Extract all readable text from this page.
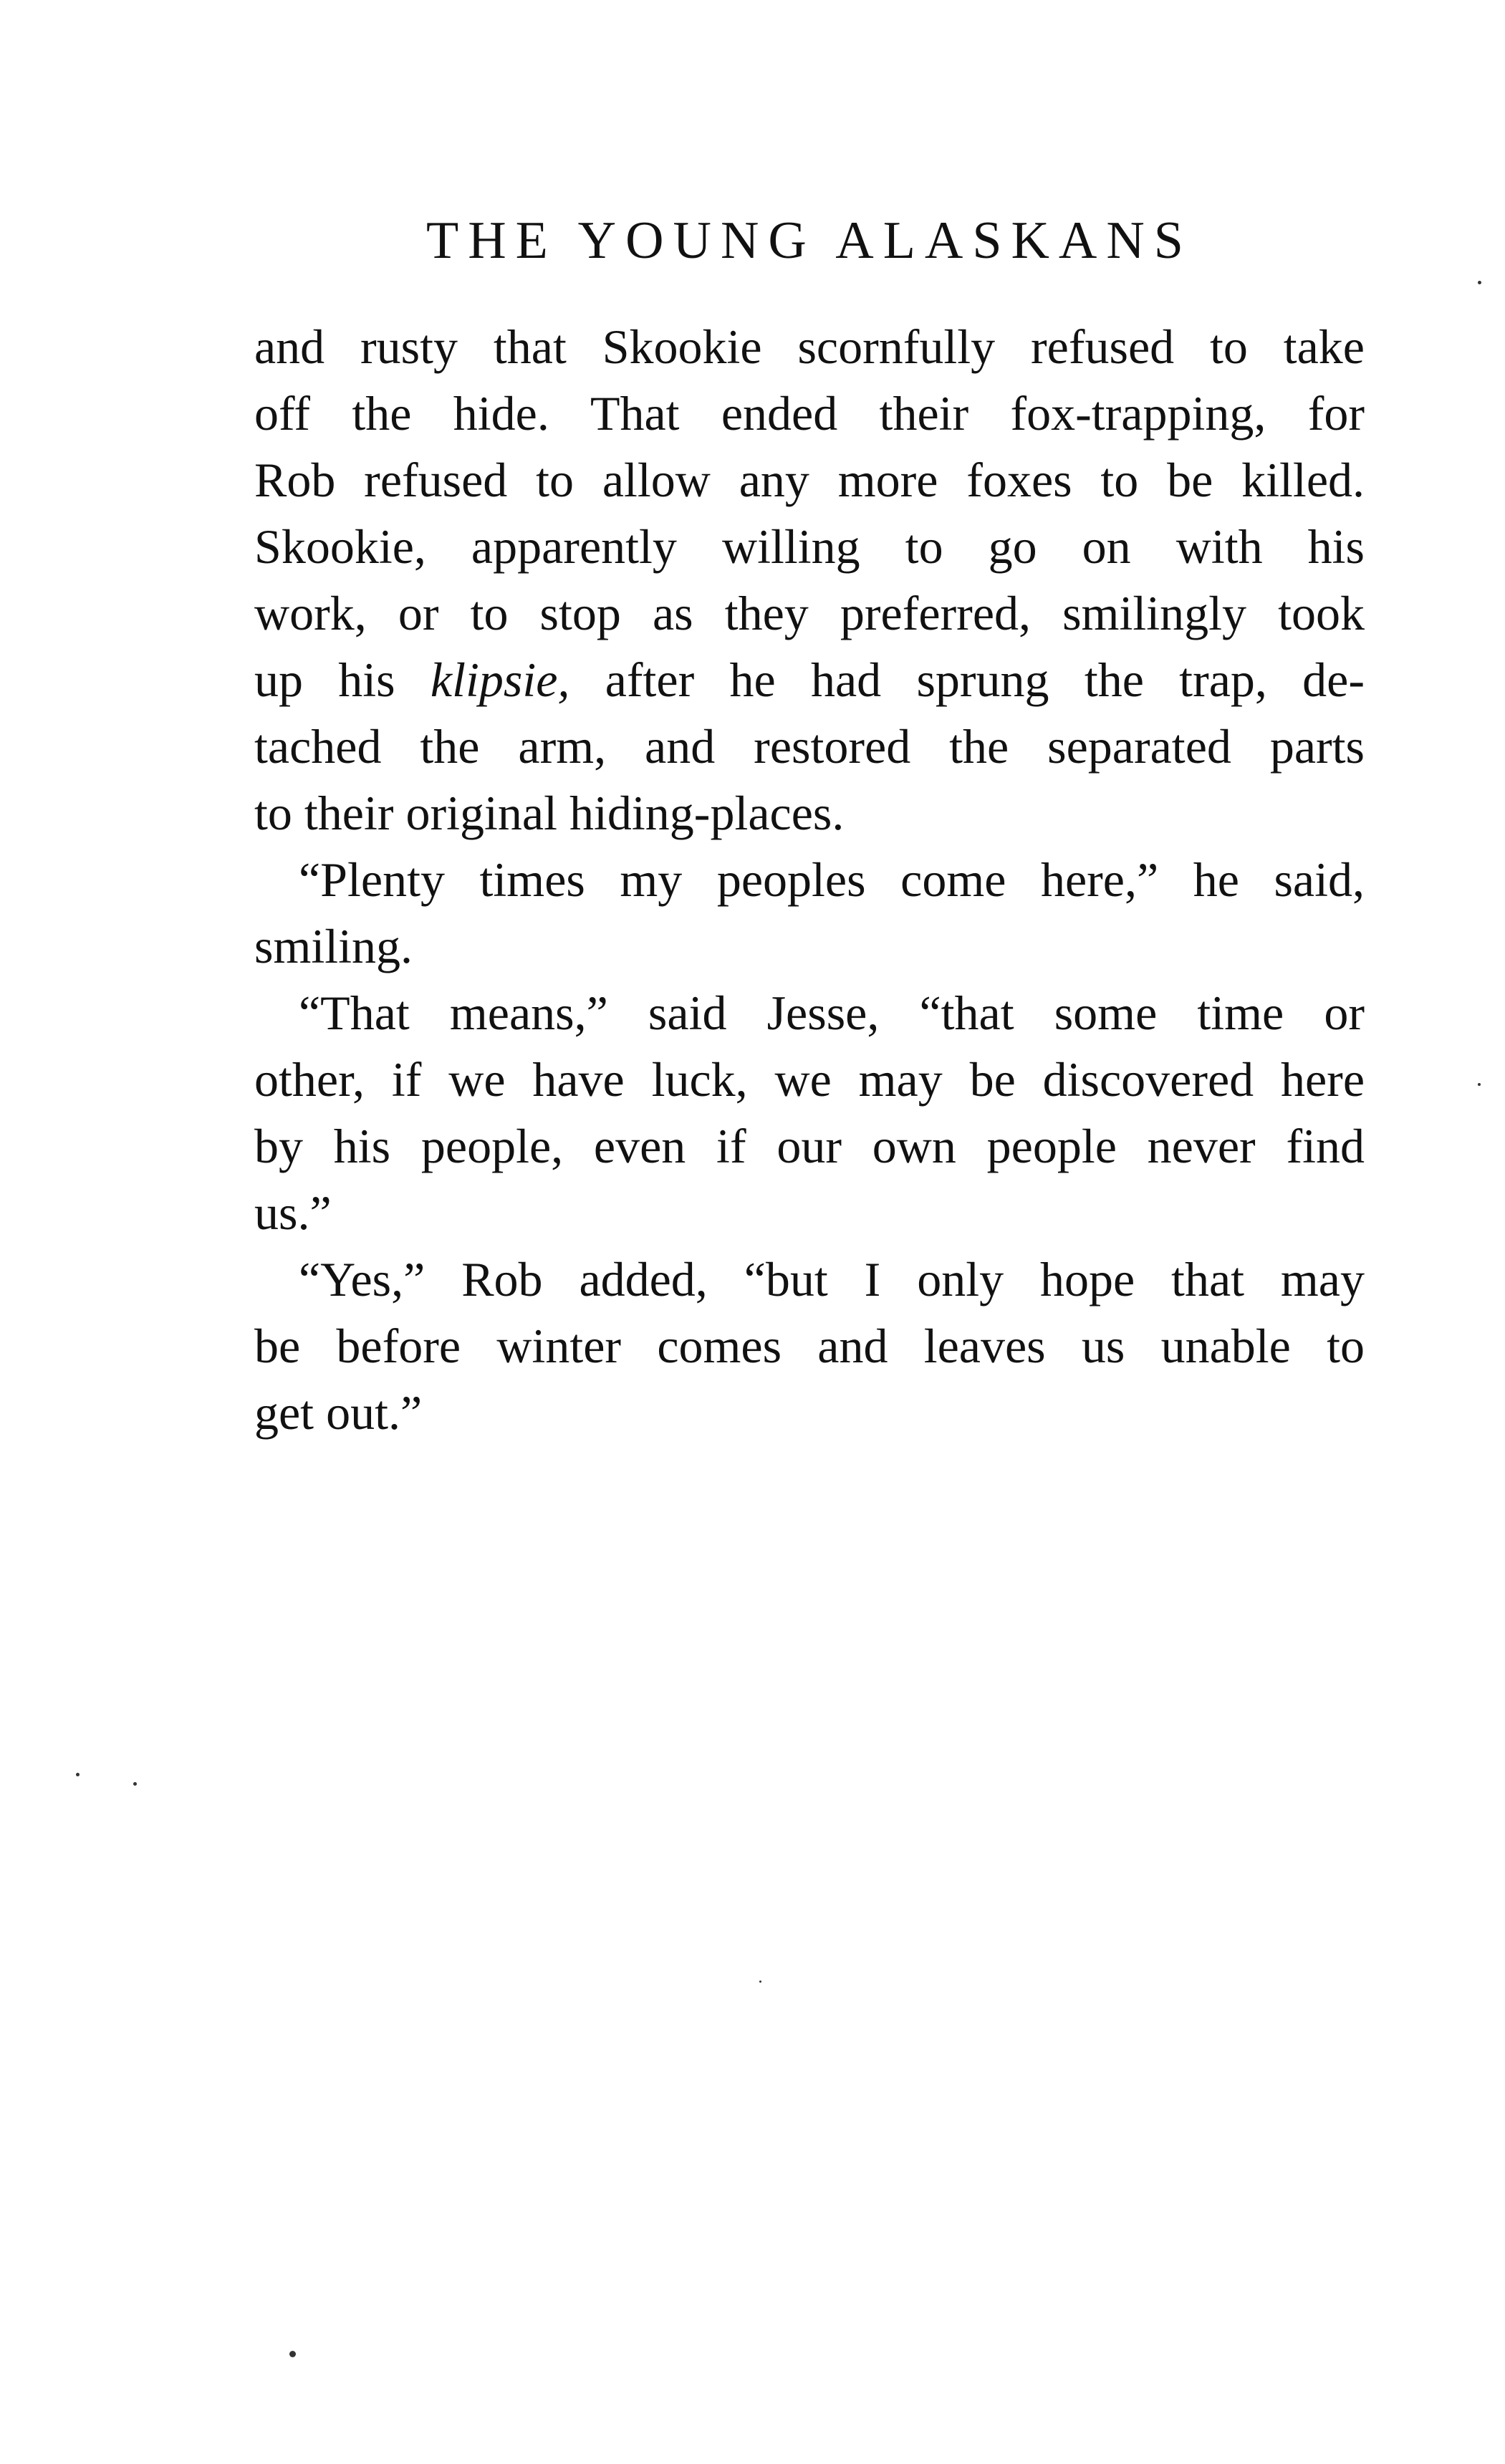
THE YOUNG ALASKANS
and rusty that Skookie scornfully refused to take
off the hide. That ended their fox-trapping, for
Rob refused to allow any more foxes to be killed.
Skookie, apparently willing to go on with his
work, or to stop as they preferred, smilingly took
up his klipsie, after he had sprung the trap, de-
tached the arm, and restored the separated parts
to their original hiding-places.
“Plenty times my peoples come here,” he said,
smiling.
“That means,” said Jesse, “that some time or
other, if we have luck, we may be discovered here
by his people, even if our own people never find
us.”
“Yes,” Rob added, “but I only hope that may
be before winter comes and leaves us unable to
get out.”
